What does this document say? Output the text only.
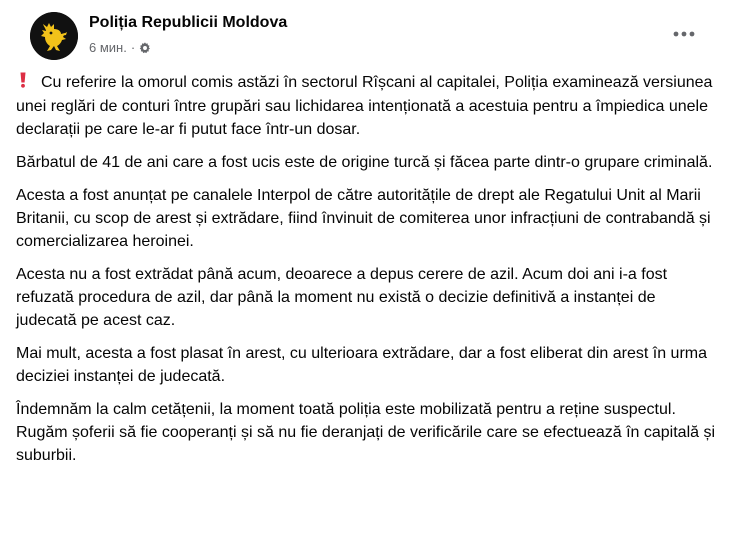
Poliția Republicii Moldova
6 мин. ·

Cu referire la omorul comis astăzi în sectorul Rîșcani al capitalei, Poliția examinează versiunea unei reglări de conturi între grupări sau lichidarea intenționată a acestuia pentru a împiedica unele declarații pe care le-ar fi putut face într-un dosar.

Bărbatul de 41 de ani care a fost ucis este de origine turcă și făcea parte dintr-o grupare criminală.

Acesta a fost anunțat pe canalele Interpol de către autoritățile de drept ale Regatului Unit al Marii Britanii, cu scop de arest și extrădare, fiind învinuit de comiterea unor infracțiuni de contrabandă și comercializarea heroinei.

Acesta nu a fost extrădat până acum, deoarece a depus cerere de azil. Acum doi ani i-a fost refuzată procedura de azil, dar până la moment nu există o decizie definitivă a instanței de judecată pe acest caz.

Mai mult, acesta a fost plasat în arest, cu ulterioara extrădare, dar a fost eliberat din arest în urma deciziei instanței de judecată.

Îndemnăm la calm cetățenii, la moment toată poliția este mobilizată pentru a reține suspectul. Rugăm șoferii să fie cooperanți și să nu fie deranjați de verificările care se efectuează în capitală și suburbii.
